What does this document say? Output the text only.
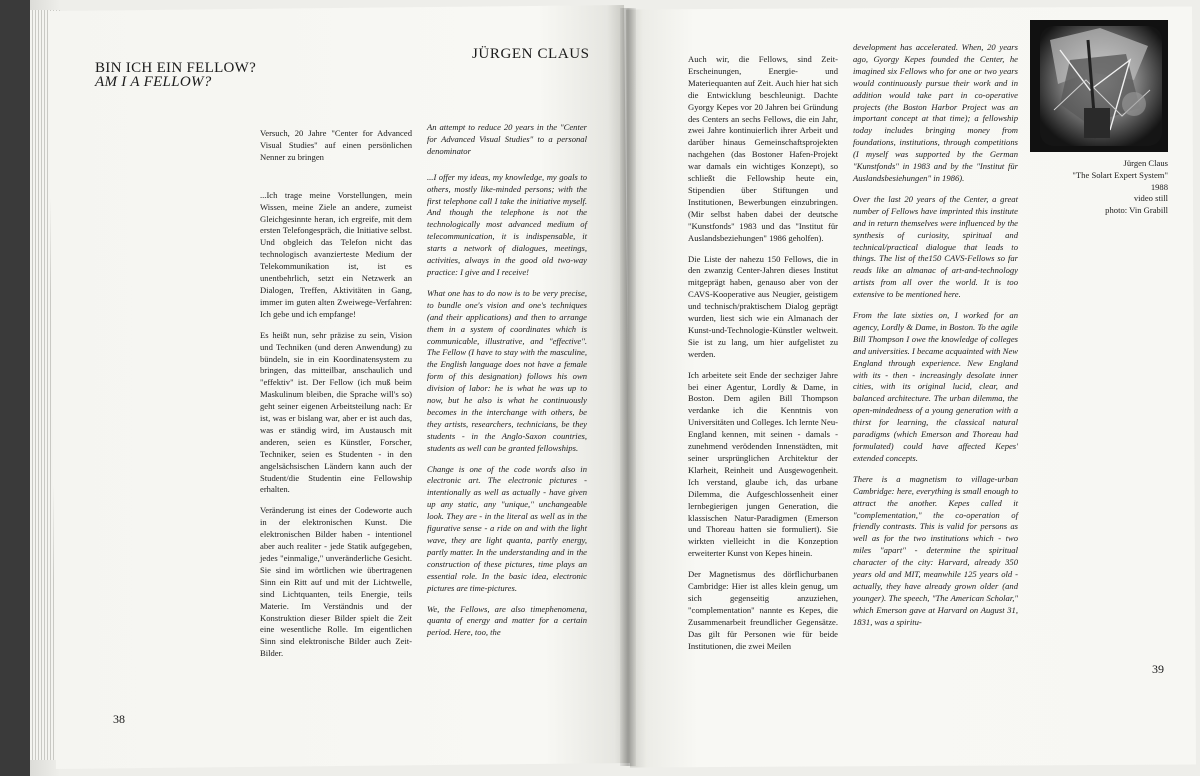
BIN ICH EIN FELLOW?
AM I A FELLOW?
JÜRGEN CLAUS

Versuch, 20 Jahre "Center for Advanced Visual Studies" auf einen persönlichen Nenner zu bringen

...Ich trage meine Vorstellungen, mein Wissen, meine Ziele an andere, zumeist Gleichgesinnte heran, ich ergreife, mit dem ersten Telefongespräch, die Initiative selbst. Und obgleich das Telefon nicht das technologisch avanzierteste Medium der Telekommunikation ist, ist es unentbehrlich, setzt ein Netzwerk an Dialogen, Treffen, Aktivitäten in Gang, immer im guten alten Zweiwege-Verfahren: Ich gebe und ich empfange!

Es heißt nun, sehr präzise zu sein, Vision und Techniken (und deren Anwendung) zu bündeln, sie in ein Koordinatensystem zu bringen, das mitteilbar, anschaulich und "effektiv" ist. Der Fellow (ich muß beim Maskulinum bleiben, die Sprache will's so) geht seiner eigenen Arbeitsteilung nach: Er ist, was er bislang war, aber er ist auch das, was er ständig wird, im Austausch mit anderen, seien es Künstler, Forscher, Techniker, seien es Studenten - in den angelsächsischen Ländern kann auch der Student/die Studentin eine Fellowship erhalten.

Veränderung ist eines der Codeworte auch in der elektronischen Kunst. Die elektronischen Bilder haben - intentionel aber auch realiter - jede Statik aufgegeben, jedes "einmalige," unveränderliche Gesicht. Sie sind im wörtlichen wie übertragenen Sinn ein Ritt auf und mit der Lichtwelle, sind Lichtquanten, teils Energie, teils Materie. Im Verständnis und der Konstruktion dieser Bilder spielt die Zeit eine wesentliche Rolle. Im eigentlichen Sinn sind elektronische Bilder auch Zeit-Bilder.

An attempt to reduce 20 years in the "Center for Advanced Visual Studies" to a personal denominator

...I offer my ideas, my knowledge, my goals to others, mostly like-minded persons; with the first telephone call I take the initiative myself. And though the telephone is not the technologically most advanced medium of telecommunication, it is indispensable, it starts a network of dialogues, meetings, activities, always in the good old two-way practice: I give and I receive!

What one has to do now is to be very precise, to bundle one's vision and one's techniques (and their applications) and then to arrange them in a system of coordinates which is communicable, illustrative, and "effective". The Fellow (I have to stay with the masculine, the English language does not have a female form of this designation) follows his own division of labor: he is what he was up to now, but he also is what he continuously becomes in the interchange with others, be they artists, researchers, technicians, be they students - in the Anglo-Saxon countries, students as well can be granted fellowships.

Change is one of the code words also in electronic art. The electronic pictures - intentionally as well as actually - have given up any static, any "unique," unchangeable look. They are - in the literal as well as in the figurative sense - a ride on and with the light wave, they are light quanta, partly energy, partly matter. In the understanding and in the construction of these pictures, time plays an essential role. In the basic idea, electronic pictures are time-pictures.

We, the Fellows, are also timephenomena, quanta of energy and matter for a certain period. Here, too, the

38

Auch wir, die Fellows, sind Zeit-Erscheinungen, Energie- und Materiequanten auf Zeit. Auch hier hat sich die Entwicklung beschleunigt. Dachte Gyorgy Kepes vor 20 Jahren bei Gründung des Centers an sechs Fellows, die ein Jahr, zwei Jahre kontinuierlich ihrer Arbeit und darüber hinaus Gemeinschaftsprojekten nachgehen (das Bostoner Hafen-Projekt war damals ein wichtiges Konzept), so schließt die Fellowship heute ein, Stipendien über Stiftungen und Institutionen, Bewerbungen einzubringen. (Mir selbst haben dabei der deutsche "Kunstfonds" 1983 und das "Institut für Auslandsbeziehungen" 1986 geholfen).

Die Liste der nahezu 150 Fellows, die in den zwanzig Center-Jahren dieses Institut mitgeprägt haben, genauso aber von der CAVS-Kooperative aus Neugier, geistigem und technisch/praktischem Dialog geprägt wurden, liest sich wie ein Almanach der Kunst-und-Technologie-Künstler weltweit. Sie ist zu lang, um hier aufgelistet zu werden.

Ich arbeitete seit Ende der sechziger Jahre bei einer Agentur, Lordly & Dame, in Boston. Dem agilen Bill Thompson verdanke ich die Kenntnis von Universitäten und Colleges. Ich lernte Neu-England kennen, mit seinen - damals - zunehmend verödenden Innenstädten, mit seiner ursprünglichen Architektur der Klarheit, Reinheit und Ausgewogenheit. Ich verstand, glaube ich, das urbane Dilemma, die Aufgeschlossenheit einer lernbegierigen jungen Generation, die klassischen Natur-Paradigmen (Emerson und Thoreau hatten sie formuliert). Sie wirkten vielleicht in die Konzeption erweiterter Kunst von Kepes hinein.

Der Magnetismus des dörflichurbanen Cambridge: Hier ist alles klein genug, um sich gegenseitig anzuziehen, "complementation" nannte es Kepes, die Zusammenarbeit freundlicher Gegensätze. Das gilt für Personen wie für beide Institutionen, die zwei Meilen

development has accelerated. When, 20 years ago, Gyorgy Kepes founded the Center, he imagined six Fellows who for one or two years would continuously pursue their work and in addition would take part in co-operative projects (the Boston Harbor Project was an important concept at that time); a fellowship today includes bringing money from foundations, institutions, through competitions (I myself was supported by the German "Kunstfonds" in 1983 and by the "Institut für Auslandsbesiehungen" in 1986).

Over the last 20 years of the Center, a great number of Fellows have imprinted this institute and in return themselves were influenced by the synthesis of curiosity, spiritual and technical/practical dialogue that leads to things. The list of the150 CAVS-Fellows so far reads like an almanac of art-and-technology artists from all over the world. It is too extensive to be mentioned here.

From the late sixties on, I worked for an agency, Lordly & Dame, in Boston. To the agile Bill Thompson I owe the knowledge of colleges and universities. I became acquainted with New England through experience. New England with its - then - increasingly desolate inner cities, with its original lucid, clear, and balanced architecture. The urban dilemma, the open-mindedness of a young generation with a thirst for learning, the classical natural paradigms (which Emerson and Thoreau had formulated) could have affected Kepes' extended concepts.

There is a magnetism to village-urban Cambridge: here, everything is small enough to attract the another. Kepes called it "complementation," the co-operation of friendly contrasts. This is valid for persons as well as for the two institutions which - two miles "apart" - determine the spiritual character of the city: Harvard, already 350 years old and MIT, meanwhile 125 years old - actually, they have already grown older (and younger). The speech, "The American Scholar," which Emerson gave at Harvard on August 31, 1831, was a spiritu-

Jürgen Claus
"The Solart Expert System"
1988
video still
photo: Vin Grabill
39
